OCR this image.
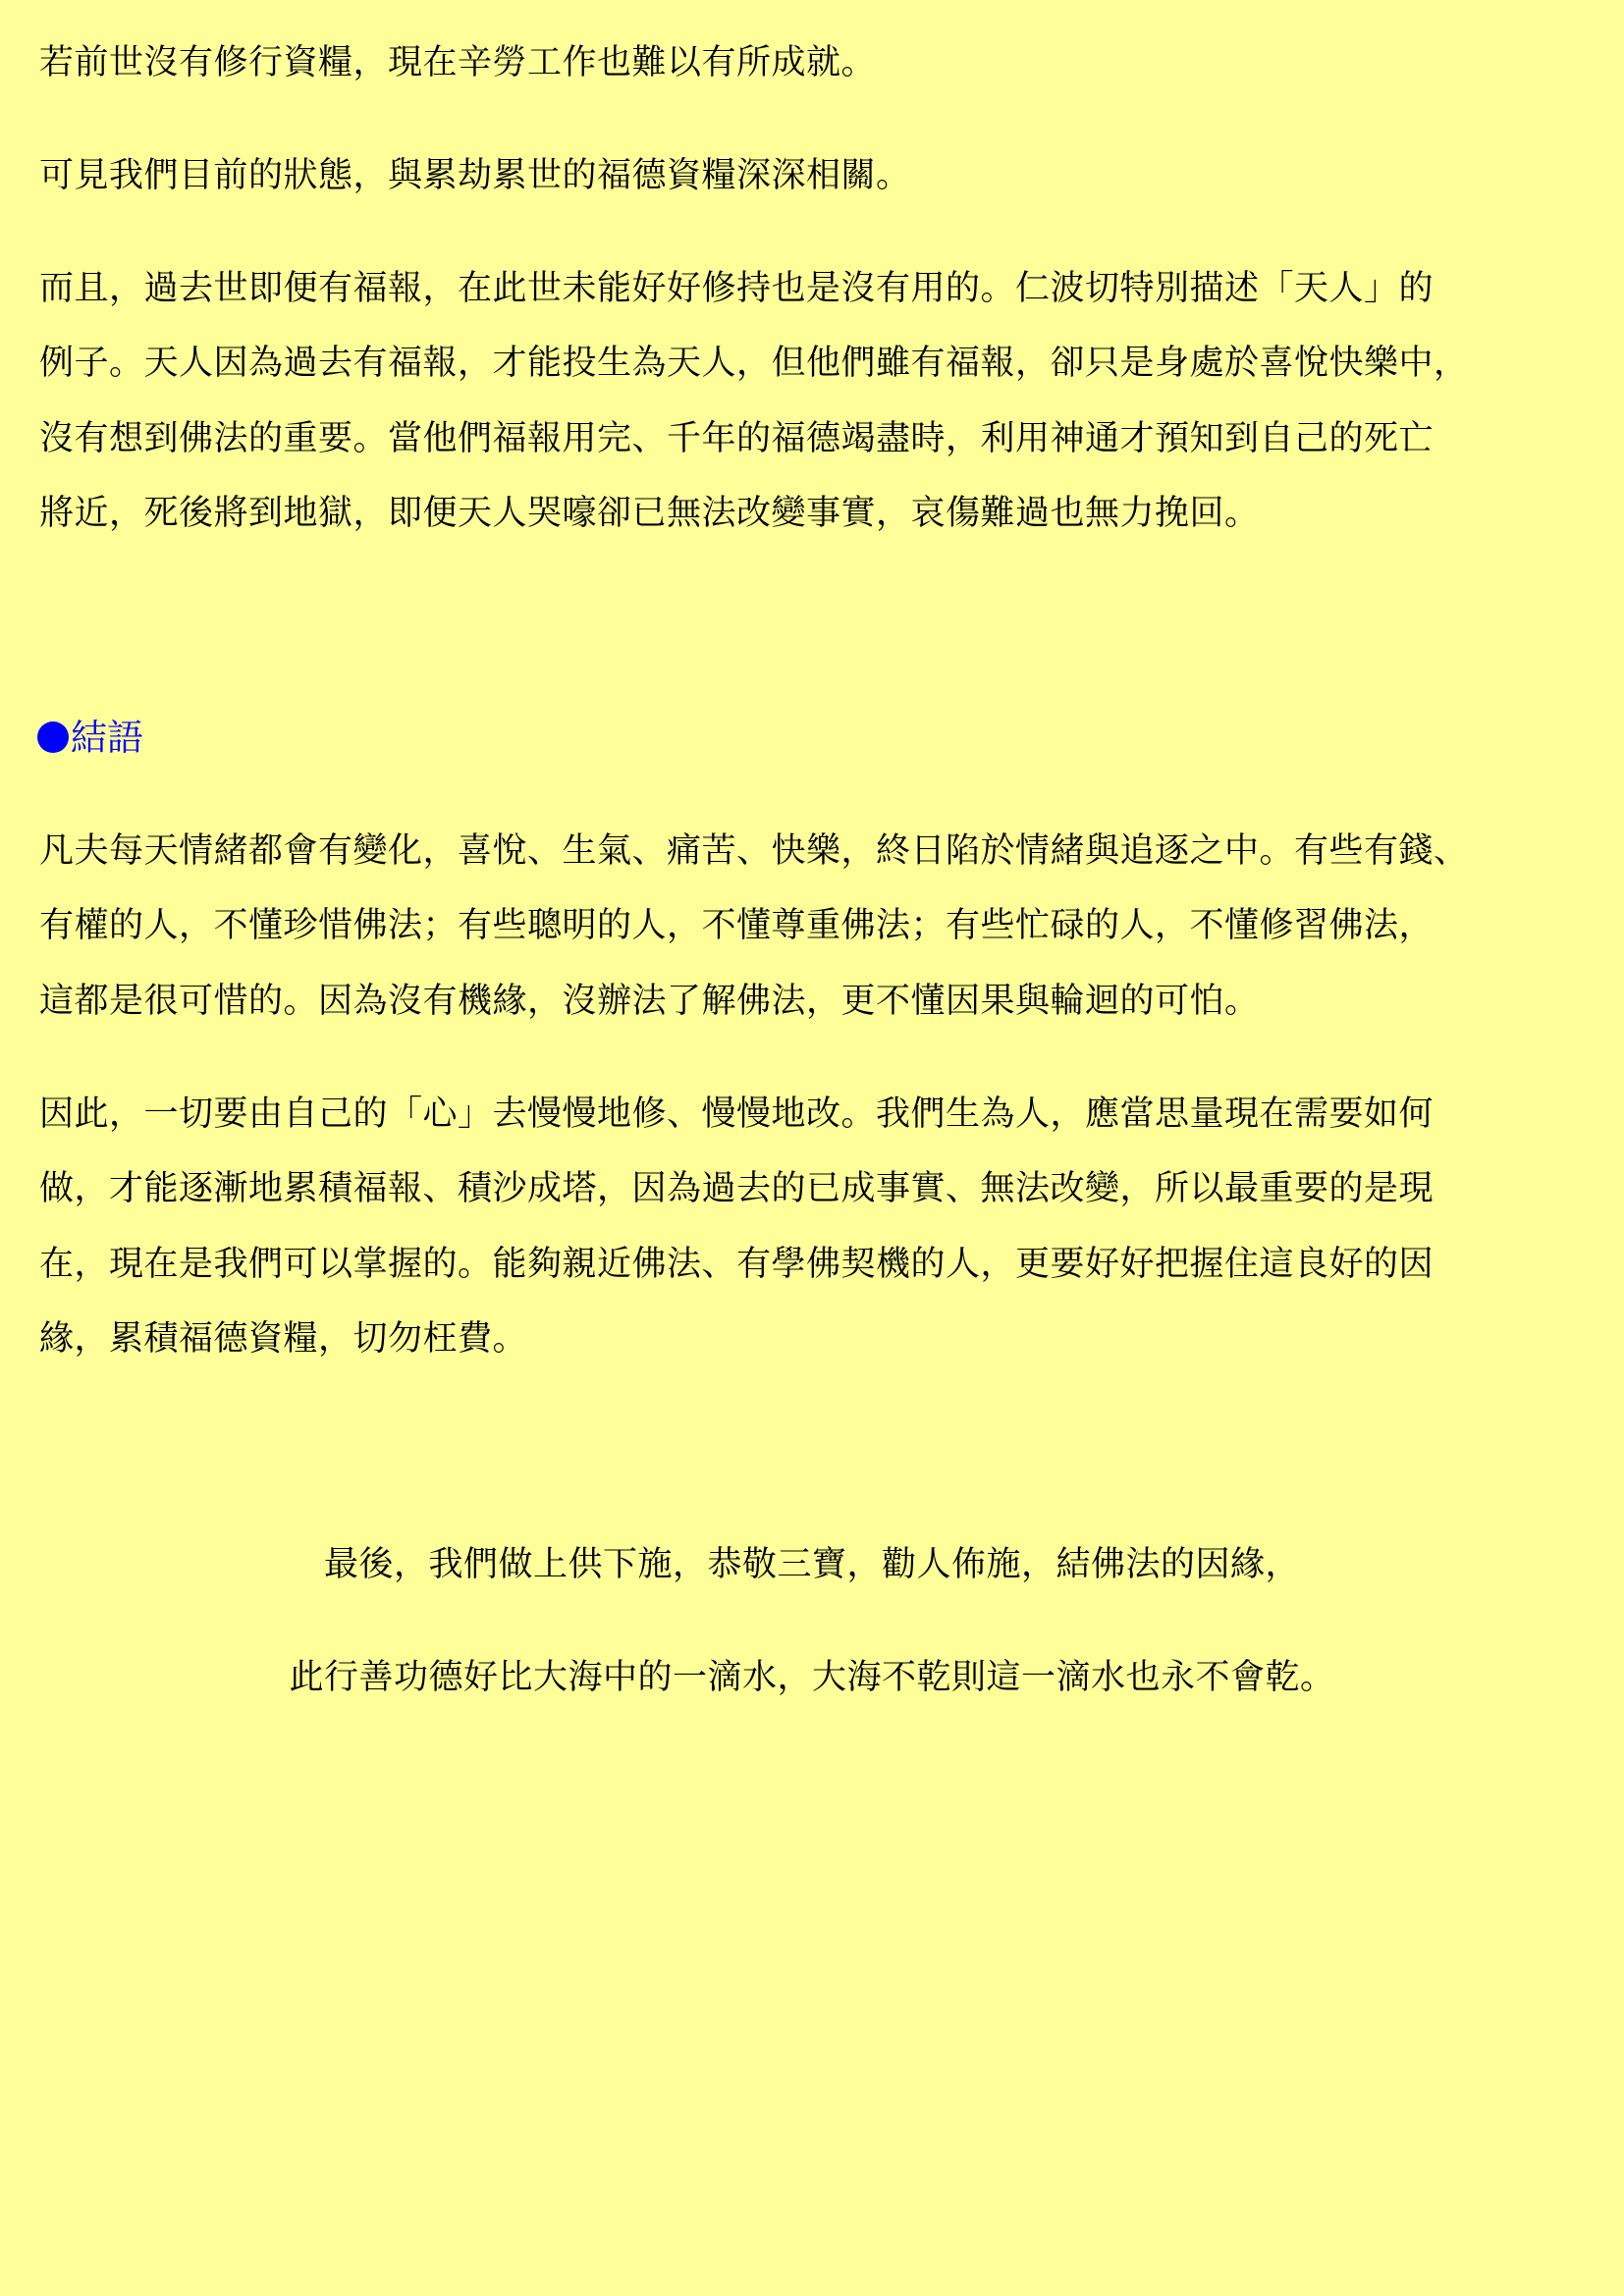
若前世沒有修行資糧，現在辛勞工作也難以有所成就。
可見我們目前的狀態，與累劫累世的福德資糧深深相關。
而且，過去世即便有福報，在此世未能好好修持也是沒有用的。仁波切特別描述「天人」的
例子。天人因為過去有福報，才能投生為天人，但他們雖有福報，卻只是身處於喜悅快樂中，
沒有想到佛法的重要。當他們福報用完、千年的福德竭盡時，利用神通才預知到自己的死亡
將近，死後將到地獄，即便天人哭嚎卻已無法改變事實，哀傷難過也無力挽回。
結語
凡夫每天情緒都會有變化，喜悅、生氣、痛苦、快樂，終日陷於情緒與追逐之中。有些有錢、
有權的人，不懂珍惜佛法；有些聰明的人，不懂尊重佛法；有些忙碌的人，不懂修習佛法，
這都是很可惜的。因為沒有機緣，沒辦法了解佛法，更不懂因果與輪迴的可怕。
因此，一切要由自己的「心」去慢慢地修、慢慢地改。我們生為人，應當思量現在需要如何
做，才能逐漸地累積福報、積沙成塔，因為過去的已成事實、無法改變，所以最重要的是現
在，現在是我們可以掌握的。能夠親近佛法、有學佛契機的人，更要好好把握住這良好的因
緣，累積福德資糧，切勿枉費。
最後，我們做上供下施，恭敬三寶，勸人佈施，結佛法的因緣，
此行善功德好比大海中的一滴水，大海不乾則這一滴水也永不會乾。
